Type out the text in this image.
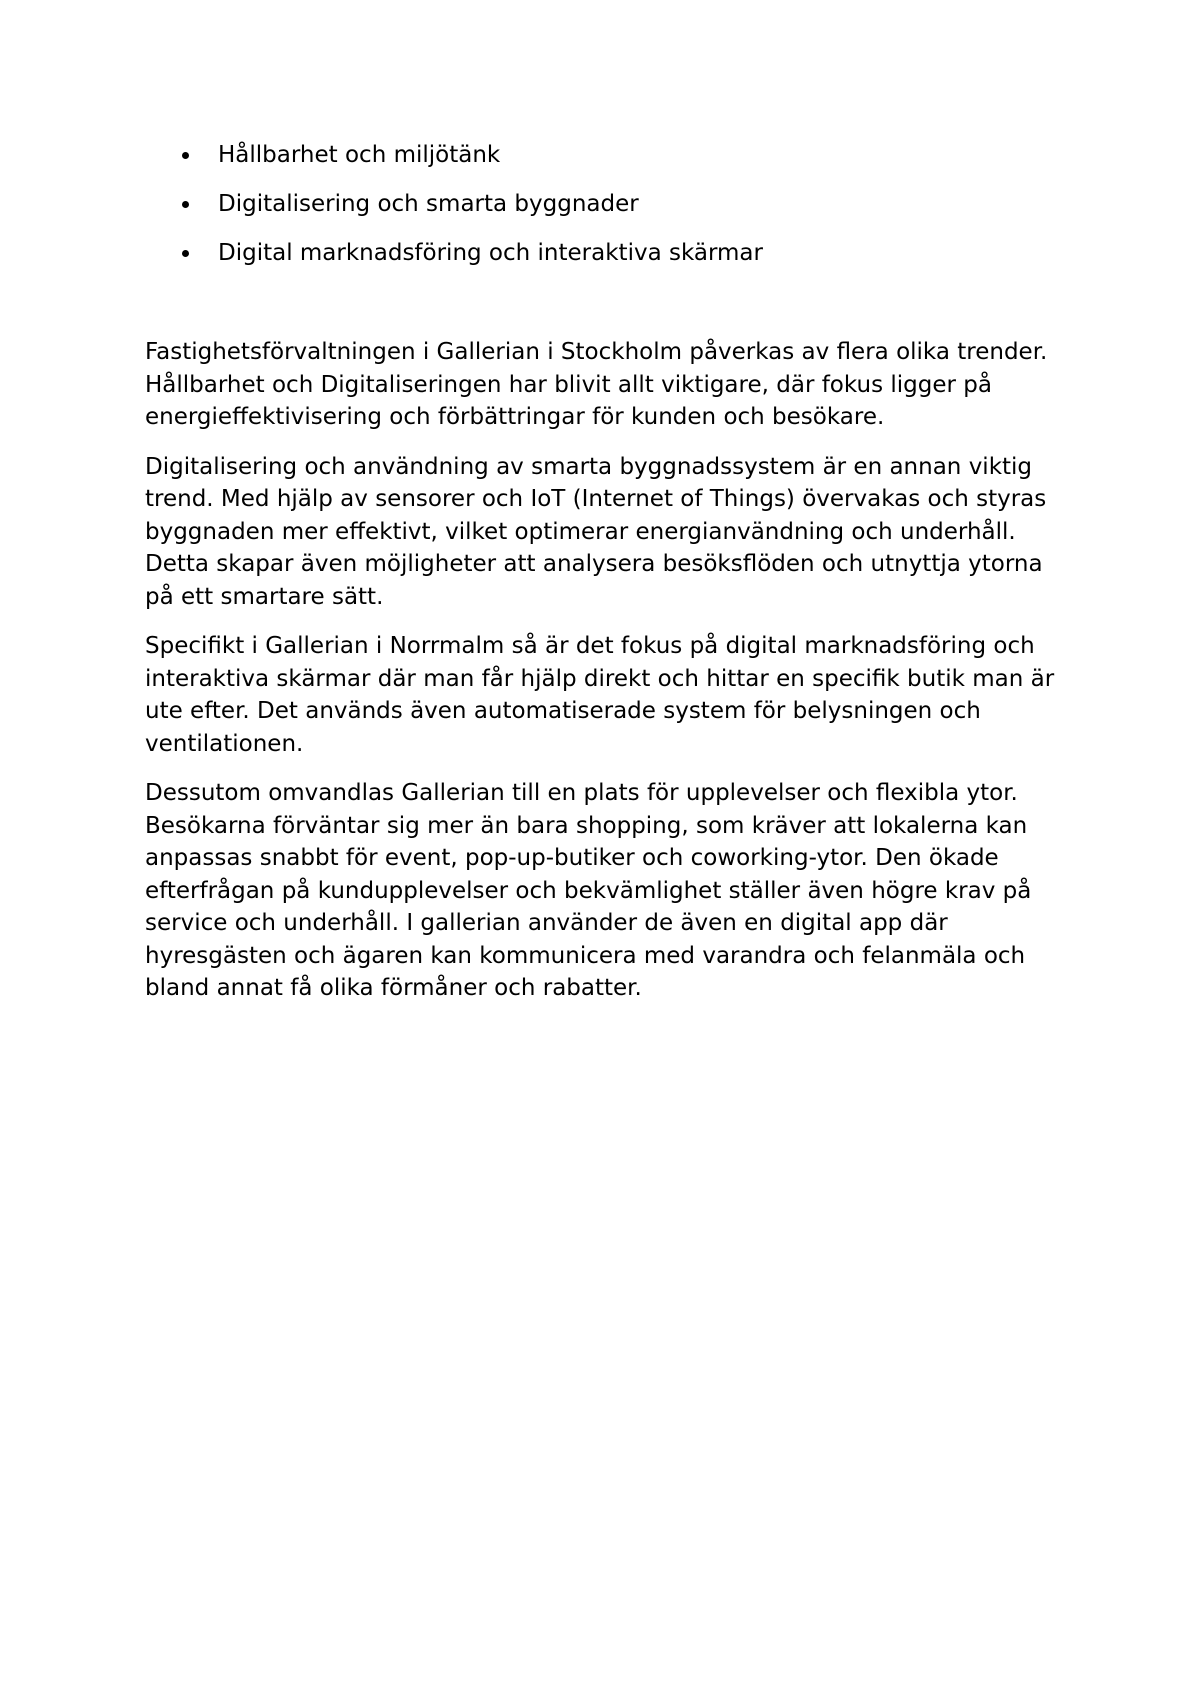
Hållbarhet och miljötänk
Digitalisering och smarta byggnader
Digital marknadsföring och interaktiva skärmar

Fastighetsförvaltningen i Gallerian i Stockholm påverkas av flera olika trender. Hållbarhet och Digitaliseringen har blivit allt viktigare, där fokus ligger på energieffektivisering och förbättringar för kunden och besökare.

Digitalisering och användning av smarta byggnadssystem är en annan viktig trend. Med hjälp av sensorer och IoT (Internet of Things) övervakas och styras byggnaden mer effektivt, vilket optimerar energianvändning och underhåll. Detta skapar även möjligheter att analysera besöksflöden och utnyttja ytorna på ett smartare sätt.

Specifikt i Gallerian i Norrmalm så är det fokus på digital marknadsföring och interaktiva skärmar där man får hjälp direkt och hittar en specifik butik man är ute efter. Det används även automatiserade system för belysningen och ventilationen.

Dessutom omvandlas Gallerian till en plats för upplevelser och flexibla ytor. Besökarna förväntar sig mer än bara shopping, som kräver att lokalerna kan anpassas snabbt för event, pop-up-butiker och coworking-ytor. Den ökade efterfrågan på kundupplevelser och bekvämlighet ställer även högre krav på service och underhåll. I gallerian använder de även en digital app där hyresgästen och ägaren kan kommunicera med varandra och felanmäla och bland annat få olika förmåner och rabatter.
